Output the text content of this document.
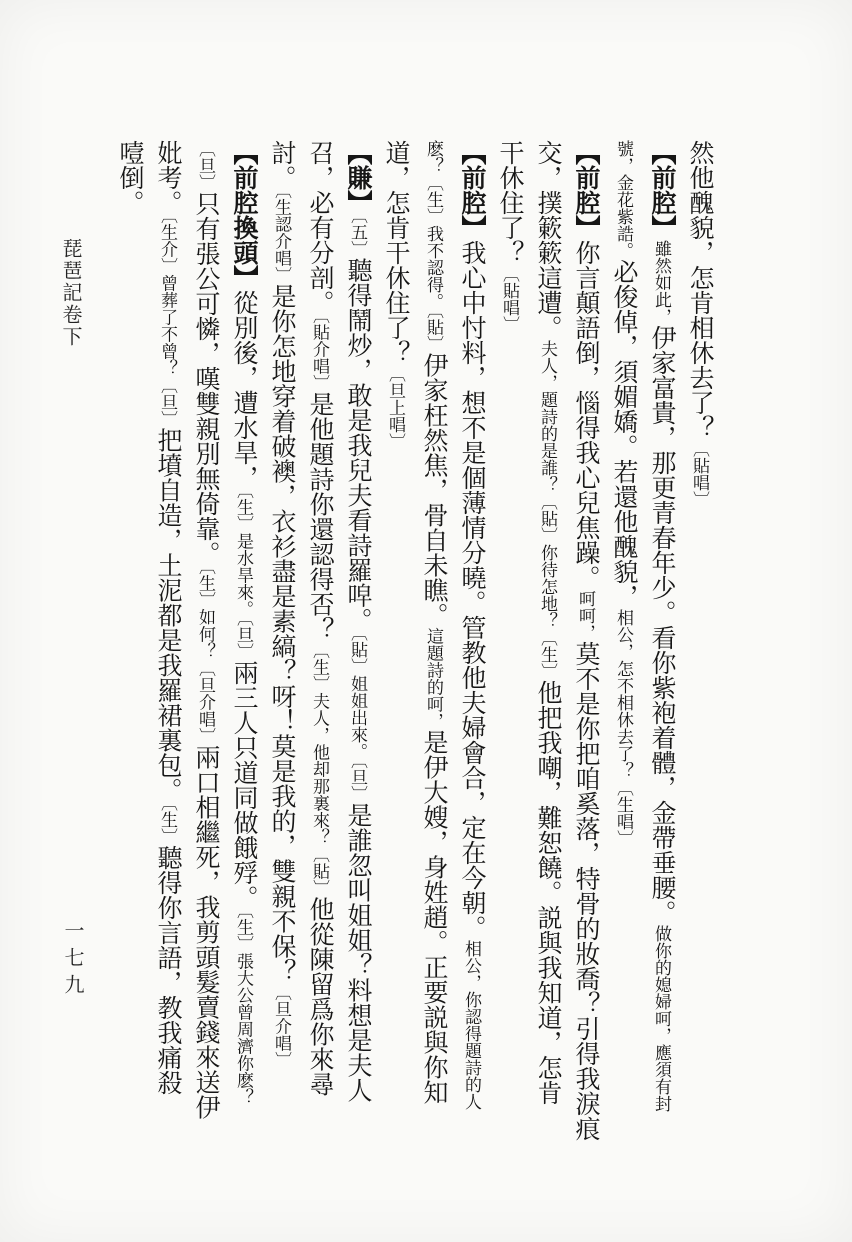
琵琶記卷下
一七九
然他醜貌，怎肯相休去了？〔貼唱〕
【前腔】雖然如此，伊家富貴，那更青春年少。看你紫袍着體，金帶垂腰。做你的媳婦呵，應須有封
號，金花紫誥。必俊倬，須媚嬌。若還他醜貌，相公，怎不相休去了？〔生唱〕
【前腔】你言顛語倒，惱得我心兒焦躁。呵呵，莫不是你把咱奚落，特骨的妝喬？引得我淚痕
交，撲簌簌這遭。夫人，題詩的是誰？〔貼〕你待怎地？〔生〕他把我嘲，難恕饒。説與我知道，怎肯
干休住了？〔貼唱〕
【前腔】我心中忖料，想不是個薄情分曉。管教他夫婦會合，定在今朝。相公，你認得題詩的人
麽？〔生〕我不認得。〔貼〕伊家枉然焦，骨自未瞧。這題詩的呵，是伊大嫂，身姓趙。正要説與你知
道，怎肯干休住了？〔旦上唱〕
【賺】〔五〕聽得鬧炒，敢是我兒夫看詩羅唕。〔貼〕姐姐出來。〔旦〕是誰忽叫姐姐？料想是夫人
召，必有分剖。〔貼介唱〕是他題詩你還認得否？〔生〕夫人，他却那裏來？〔貼〕他從陳留爲你來尋
討。〔生認介唱〕是你怎地穿着破襖，衣衫盡是素縞？呀！莫是我的，雙親不保？〔旦介唱〕
【前腔換頭】從別後，遭水旱，〔生〕是水旱來。〔旦〕兩三人只道同做餓殍。〔生〕張大公曾周濟你麽？
〔旦〕只有張公可憐，嘆雙親別無倚靠。〔生〕如何？〔旦介唱〕兩口相繼死，我剪頭髮賣錢來送伊
妣考。〔生介〕曾葬了不曾？〔旦〕把墳自造，土泥都是我羅裙裏包。〔生〕聽得你言語，教我痛殺
噎倒。
